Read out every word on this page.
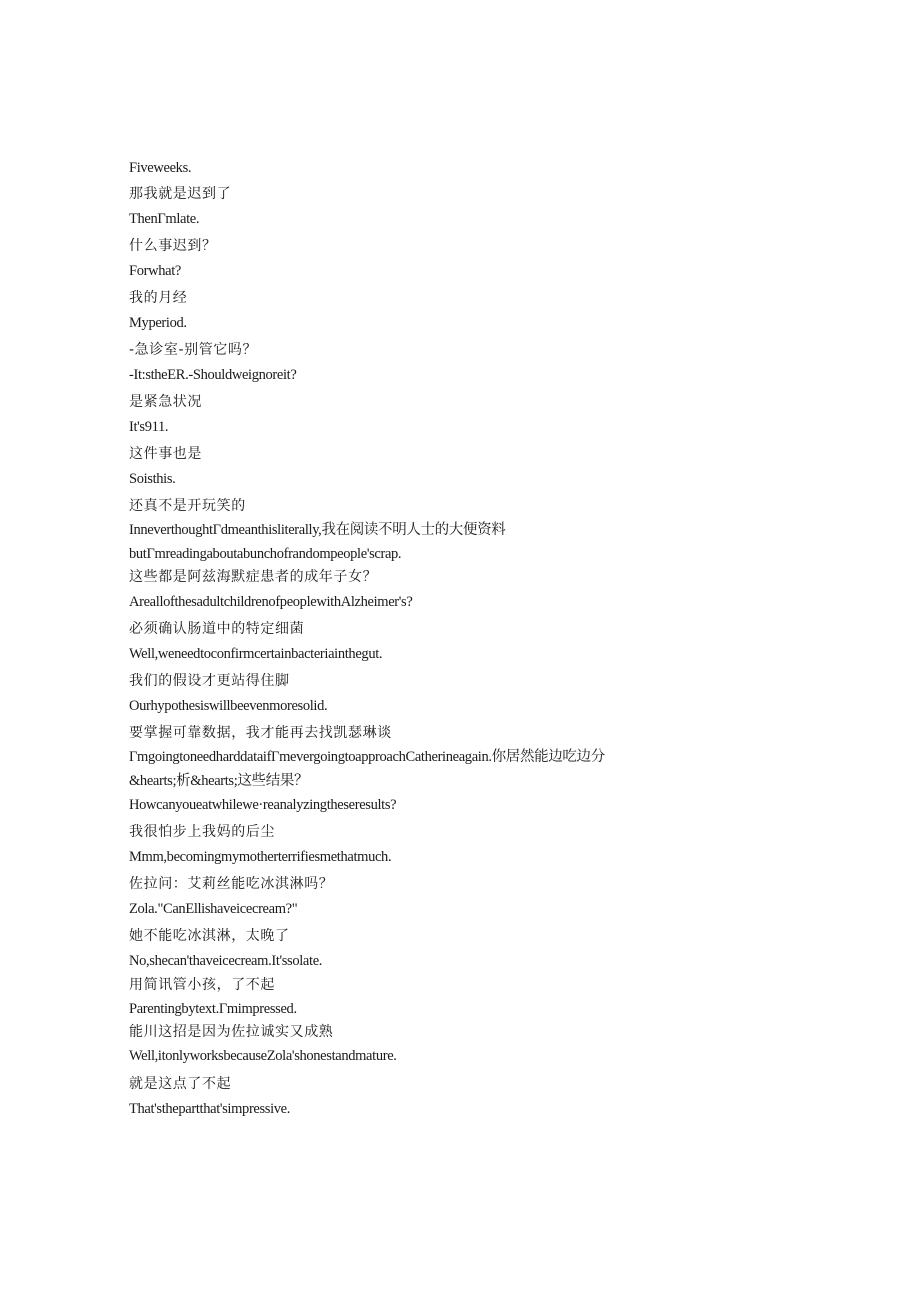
Fiveweeks.
那我就是迟到了
ThenΓmlate.
什么事迟到？
Forwhat?
我的月经
Myperiod.
-急诊室-别管它吗？
-It:stheER.-Shouldweignoreit?
是紧急状况
It's911.
这件事也是
Soisthis.
还真不是开玩笑的
InneverthoughtΓdmeanthisliterally,我在阅读不明人士的大便资料
butΓmreadingaboutabunchofrandompeople'scrap.
这些都是阿兹海默症患者的成年子女？
AreallofthesadultchildrenofpeoplewithAlzheimer's?
必须确认肠道中的特定细菌
Well,weneedtoconfirmcertainbacteriainthegut.
我们的假设才更站得住脚
Ourhypothesiswillbeevenmoresolid.
要掌握可靠数据，我才能再去找凯瑟琳谈
ΓmgoingtoneedharddataifΓmevergoingtoapproachCatherineagain.你居然能边吃边分
&hearts;析&hearts;这些结果？
Howcanyoueatwhilewe·reanalyzingtheseresults?
我很怕步上我妈的后尘
Mmm,becomingmymotherterrifiesmethatmuch.
佐拉问：艾莉丝能吃冰淇淋吗？
Zola."CanEllishaveicecream?"
她不能吃冰淇淋，太晚了
No,shecan'thaveicecream.It'ssolate.
用简讯管小孩，了不起
Parentingbytext.Γmimpressed.
能川这招是因为佐拉诚实又成熟
Well,itonlyworksbecauseZola'shonestandmature.
就是这点了不起
That'sthepartthat'simpressive.
